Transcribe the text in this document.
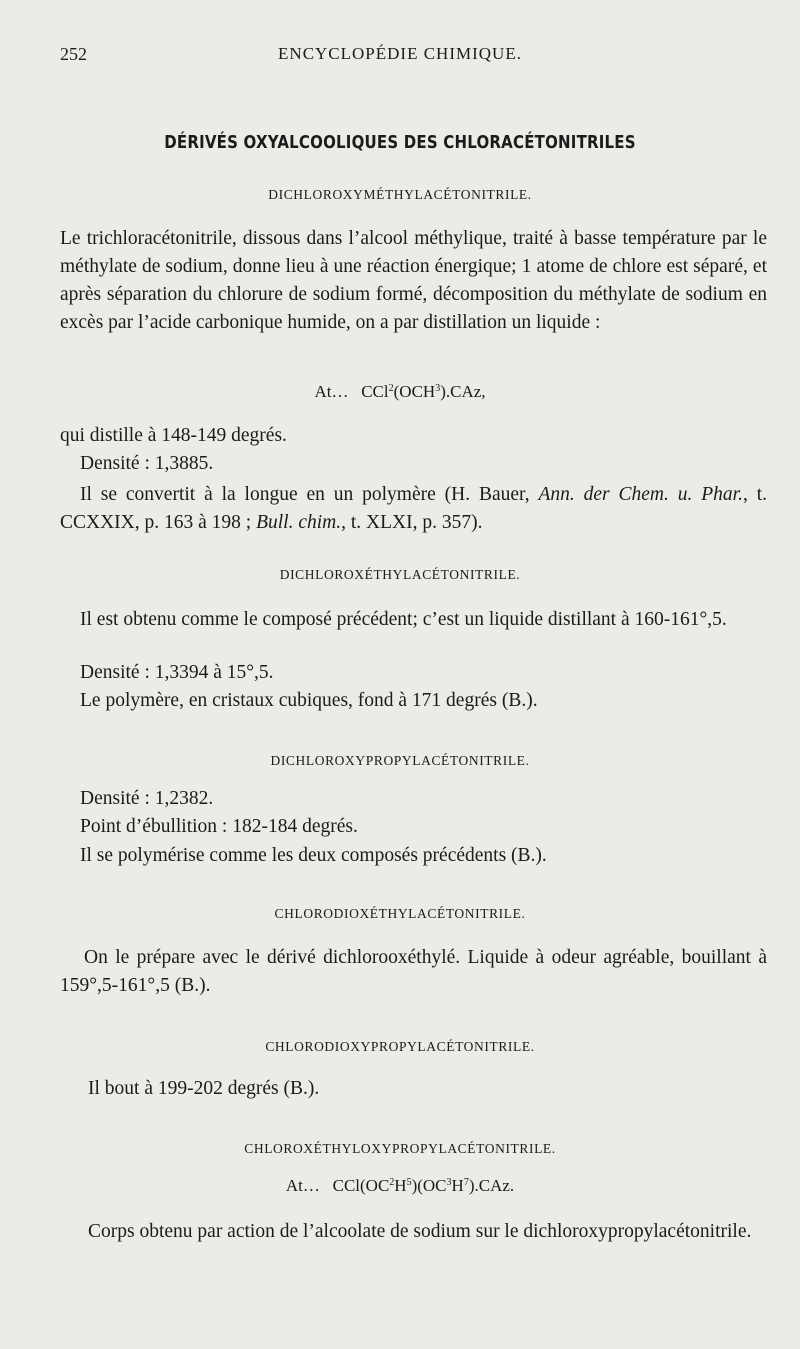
ENCYCLOPÉDIE CHIMIQUE.
252
DÉRIVÉS OXYALCOOLIQUES DES CHLORACÉTONITRILES
DICHLOROXYMÉTHYLACÉTONITRILE.
Le trichloracétonitrile, dissous dans l’alcool méthylique, traité à basse température par le méthylate de sodium, donne lieu à une réaction énergique; 1 atome de chlore est séparé, et après séparation du chlorure de sodium formé, décomposition du méthylate de sodium en excès par l’acide carbonique humide, on a par distillation un liquide :
At… CCl$^2$(OCH$^3$).CAz,
qui distille à 148-149 degrés.
Densité : 1,3885.
Il se convertit à la longue en un polymère (H. Bauer, Ann. der Chem. u. Phar., t. CCXXIX, p. 163 à 198 ; Bull. chim., t. XLXI, p. 357).
DICHLOROXÉTHYLACÉTONITRILE.
Il est obtenu comme le composé précédent; c’est un liquide distillant à 160-161°,5.
Densité : 1,3394 à 15°,5.
Le polymère, en cristaux cubiques, fond à 171 degrés (B.).
DICHLOROXYPROPYLACÉTONITRILE.
Densité : 1,2382.
Point d’ébullition : 182-184 degrés.
Il se polymérise comme les deux composés précédents (B.).
CHLORODIOXÉTHYLACÉTONITRILE.
On le prépare avec le dérivé dichlorooxéthylé. Liquide à odeur agréable, bouillant à 159°,5-161°,5 (B.).
CHLORODIOXYPROPYLACÉTONITRILE.
Il bout à 199-202 degrés (B.).
CHLOROXÉTHYLOXYPROPYLACÉTONITRILE.
At… $CCl(OC^2H^5)(OC^3H^7).CAz$.
Corps obtenu par action de l’alcoolate de sodium sur le dichloroxypropylacétonitrile.
